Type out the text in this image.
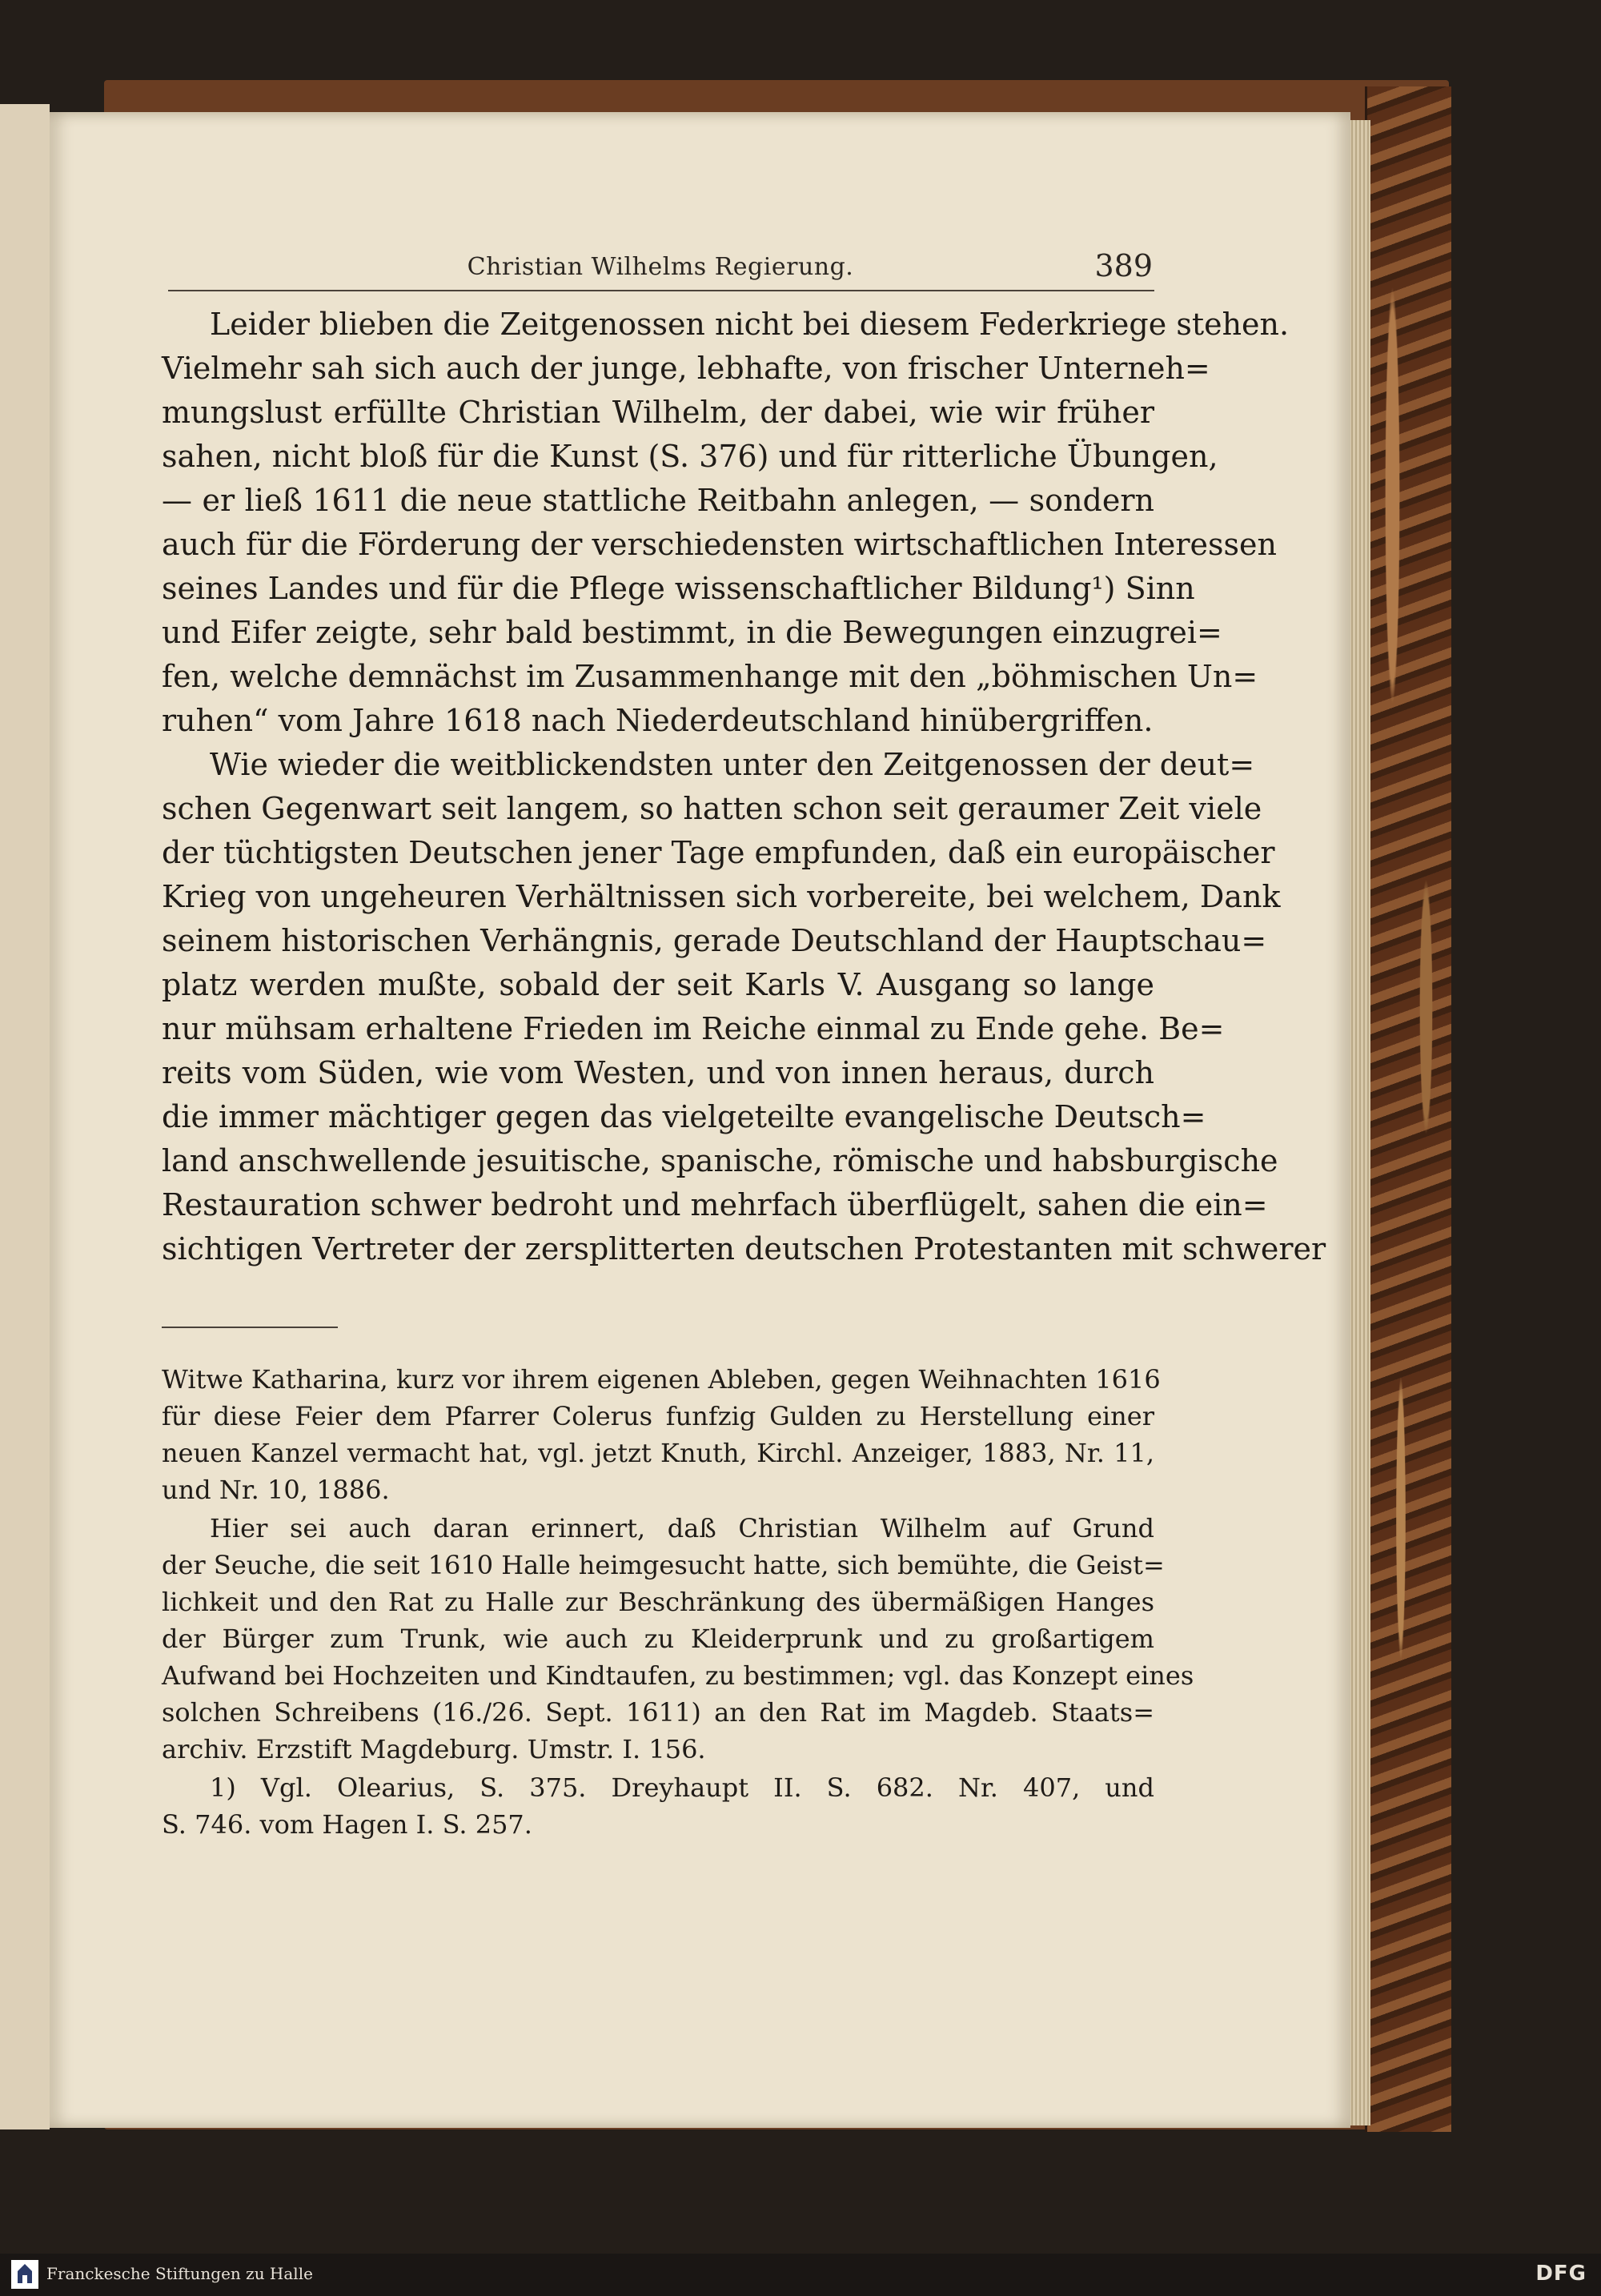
Christian Wilhelms Regierung.	389
Leider blieben die Zeitgenossen nicht bei diesem Federkriege stehen.
Vielmehr sah sich auch der junge, lebhafte, von frischer Unterneh=
mungslust erfüllte Christian Wilhelm, der dabei, wie wir früher
sahen, nicht bloß für die Kunst (S. 376) und für ritterliche Übungen,
— er ließ 1611 die neue stattliche Reitbahn anlegen, — sondern
auch für die Förderung der verschiedensten wirtschaftlichen Interessen
seines Landes und für die Pflege wissenschaftlicher Bildung¹) Sinn
und Eifer zeigte, sehr bald bestimmt, in die Bewegungen einzugrei=
fen, welche demnächst im Zusammenhange mit den „böhmischen Un=
ruhen“ vom Jahre 1618 nach Niederdeutschland hinübergriffen.
Wie wieder die weitblickendsten unter den Zeitgenossen der deut=
schen Gegenwart seit langem, so hatten schon seit geraumer Zeit viele
der tüchtigsten Deutschen jener Tage empfunden, daß ein europäischer
Krieg von ungeheuren Verhältnissen sich vorbereite, bei welchem, Dank
seinem historischen Verhängnis, gerade Deutschland der Hauptschau=
platz werden mußte, sobald der seit Karls V. Ausgang so lange
nur mühsam erhaltene Frieden im Reiche einmal zu Ende gehe. Be=
reits vom Süden, wie vom Westen, und von innen heraus, durch
die immer mächtiger gegen das vielgeteilte evangelische Deutsch=
land anschwellende jesuitische, spanische, römische und habsburgische
Restauration schwer bedroht und mehrfach überflügelt, sahen die ein=
sichtigen Vertreter der zersplitterten deutschen Protestanten mit schwerer
Witwe Katharina, kurz vor ihrem eigenen Ableben, gegen Weihnachten 1616
für diese Feier dem Pfarrer Colerus funfzig Gulden zu Herstellung einer
neuen Kanzel vermacht hat, vgl. jetzt Knuth, Kirchl. Anzeiger, 1883, Nr. 11,
und Nr. 10, 1886.
Hier sei auch daran erinnert, daß Christian Wilhelm auf Grund
der Seuche, die seit 1610 Halle heimgesucht hatte, sich bemühte, die Geist=
lichkeit und den Rat zu Halle zur Beschränkung des übermäßigen Hanges
der Bürger zum Trunk, wie auch zu Kleiderprunk und zu großartigem
Aufwand bei Hochzeiten und Kindtaufen, zu bestimmen; vgl. das Konzept eines
solchen Schreibens (16./26. Sept. 1611) an den Rat im Magdeb. Staats=
archiv. Erzstift Magdeburg. Umstr. I. 156.
1) Vgl. Olearius, S. 375. Dreyhaupt II. S. 682. Nr. 407, und
S. 746. vom Hagen I. S. 257.
Franckesche Stiftungen zu Halle	DFG
